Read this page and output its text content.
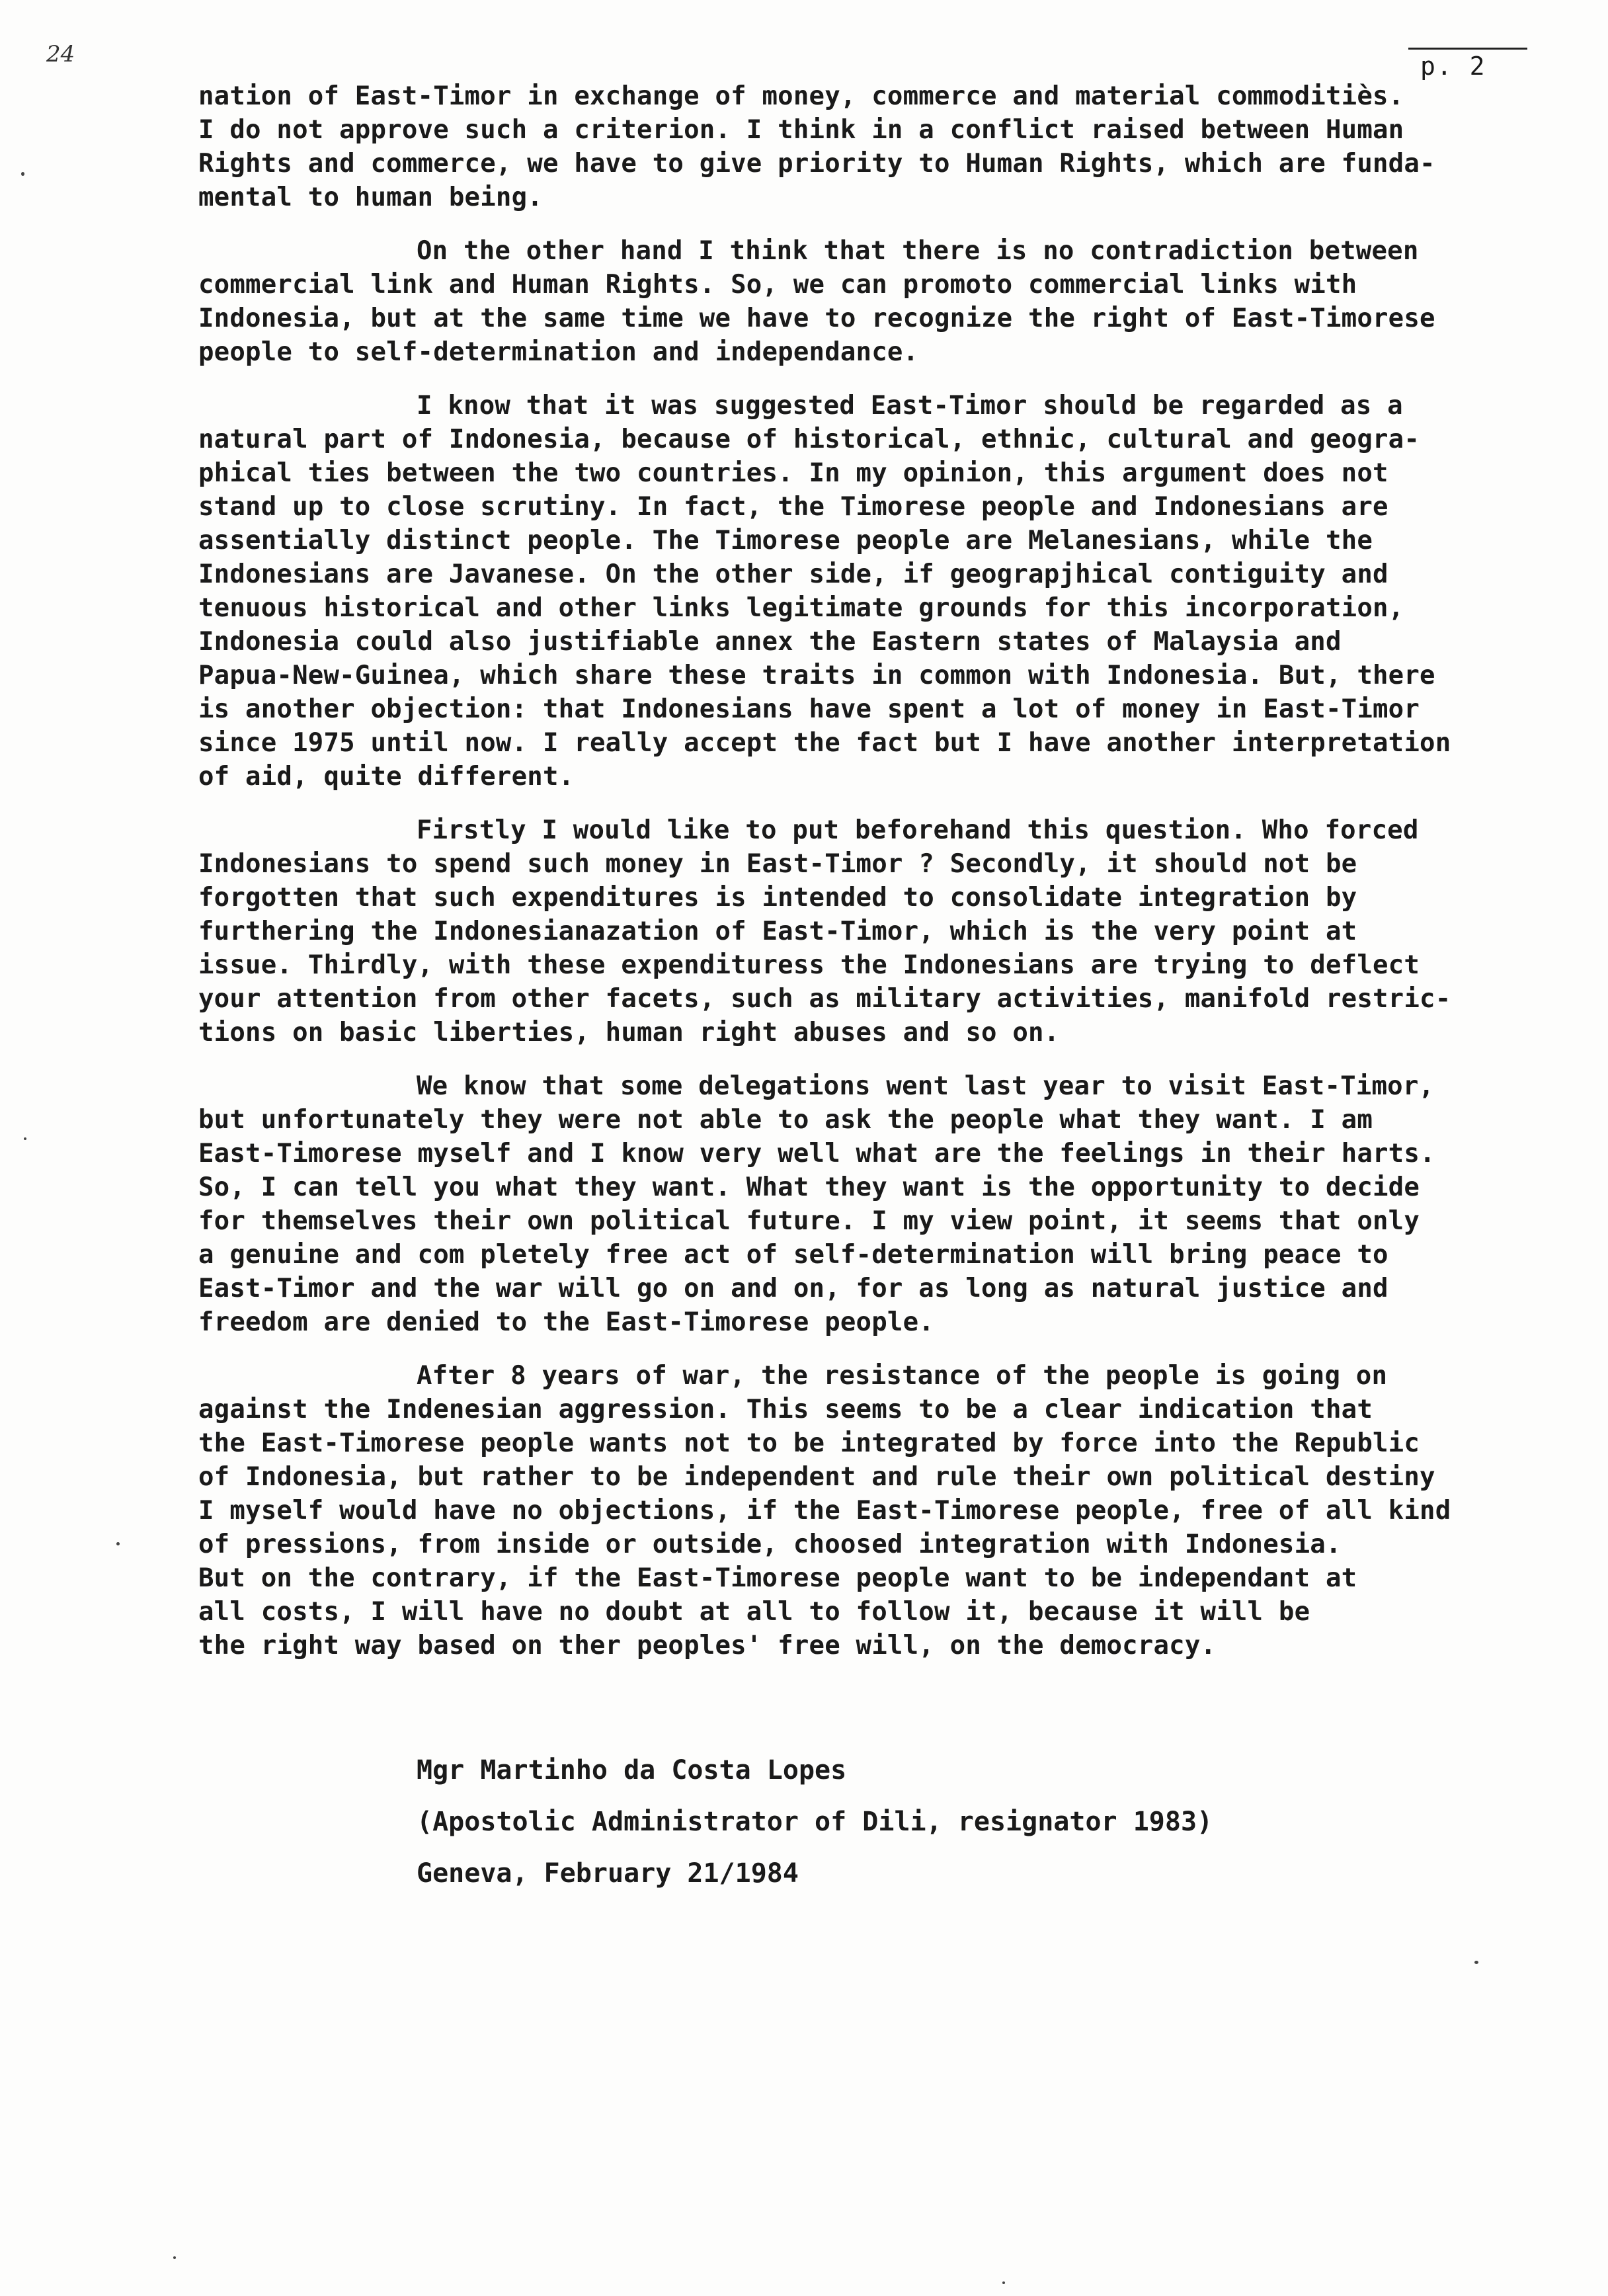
24	p. 2

nation of East-Timor in exchange of money, commerce and material commoditiès.
I do not approve such a criterion. I think in a conflict raised between Human
Rights and commerce, we have to give priority to Human Rights, which are funda-
mental to human being.

On the other hand I think that there is no contradiction between
commercial link and Human Rights. So, we can promoto commercial links with
Indonesia, but at the same time we have to recognize the right of East-Timorese
people to self-determination and independance.

I know that it was suggested East-Timor should be regarded as a
natural part of Indonesia, because of historical, ethnic, cultural and geogra-
phical ties between the two countries. In my opinion, this argument does not
stand up to close scrutiny. In fact, the Timorese people and Indonesians are
assentially distinct people. The Timorese people are Melanesians, while the
Indonesians are Javanese. On the other side, if geograpjhical contiguity and
tenuous historical and other links legitimate grounds for this incorporation,
Indonesia could also justifiable annex the Eastern states of Malaysia and
Papua-New-Guinea, which share these traits in common with Indonesia. But, there
is another objection: that Indonesians have spent a lot of money in East-Timor
since 1975 until now. I really accept the fact but I have another interpretation
of aid, quite different.

Firstly I would like to put beforehand this question. Who forced
Indonesians to spend such money in East-Timor ? Secondly, it should not be
forgotten that such expenditures is intended to consolidate integration by
furthering the Indonesianazation of East-Timor, which is the very point at
issue. Thirdly, with these expendituress the Indonesians are trying to deflect
your attention from other facets, such as military activities, manifold restric-
tions on basic liberties, human right abuses and so on.

We know that some delegations went last year to visit East-Timor,
but unfortunately they were not able to ask the people what they want. I am
East-Timorese myself and I know very well what are the feelings in their harts.
So, I can tell you what they want. What they want is the opportunity to decide
for themselves their own political future. I my view point, it seems that only
a genuine and com pletely free act of self-determination will bring peace to
East-Timor and the war will go on and on, for as long as natural justice and
freedom are denied to the East-Timorese people.

After 8 years of war, the resistance of the people is going on
against the Indenesian aggression. This seems to be a clear indication that
the East-Timorese people wants not to be integrated by force into the Republic
of Indonesia, but rather to be independent and rule their own political destiny
I myself would have no objections, if the East-Timorese people, free of all kind
of pressions, from inside or outside, choosed integration with Indonesia.
But on the contrary, if the East-Timorese people want to be independant at
all costs, I will have no doubt at all to follow it, because it will be
the right way based on ther peoples' free will, on the democracy.

Mgr Martinho da Costa Lopes
(Apostolic Administrator of Dili, resignator 1983)
Geneva, February 21/1984
